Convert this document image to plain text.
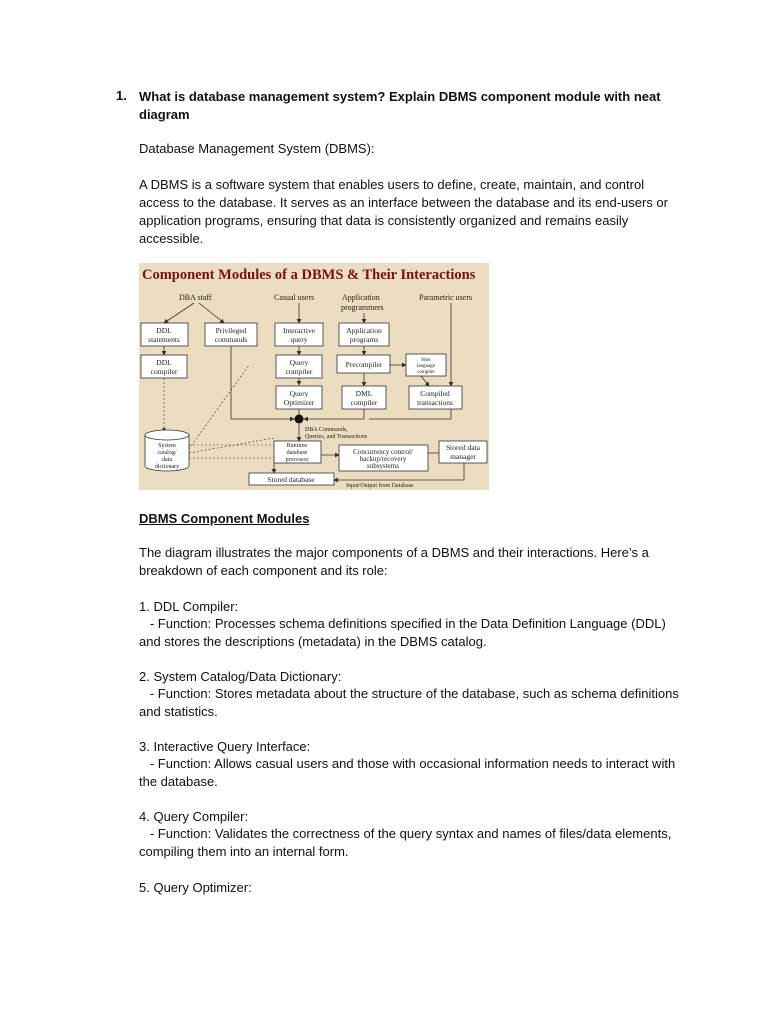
1. What is database management system? Explain DBMS component module with neat diagram

Database Management System (DBMS):

A DBMS is a software system that enables users to define, create, maintain, and control access to the database. It serves as an interface between the database and its end-users or application programs, ensuring that data is consistently organized and remains easily accessible.

Component Modules of a DBMS & Their Interactions
DBA staff	Casual users	Application
programmers
Parametric users
DDL
statements
Privileged
commands
Interactive
query
Application
programs
DDL
compiler
Query
compiler
Precompiler	Host
language
compiler
Query
Optimizer
DML
compiler
Compiled
transactions
System
catalog/
data
dictionary
Runtime
database
processor
Concurrency control/
backup/recovery
subsystems
Stored data
manager
Stored database
DBA Commands,
Queries, and Transactions
Input/Output from Database

DBMS Component Modules

The diagram illustrates the major components of a DBMS and their interactions. Here’s a breakdown of each component and its role:

1. DDL Compiler:

- Function: Processes schema definitions specified in the Data Definition Language (DDL) and stores the descriptions (metadata) in the DBMS catalog.

2. System Catalog/Data Dictionary:

- Function: Stores metadata about the structure of the database, such as schema definitions and statistics.

3. Interactive Query Interface:

- Function: Allows casual users and those with occasional information needs to interact with the database.

4. Query Compiler:

- Function: Validates the correctness of the query syntax and names of files/data elements, compiling them into an internal form.

5. Query Optimizer:
